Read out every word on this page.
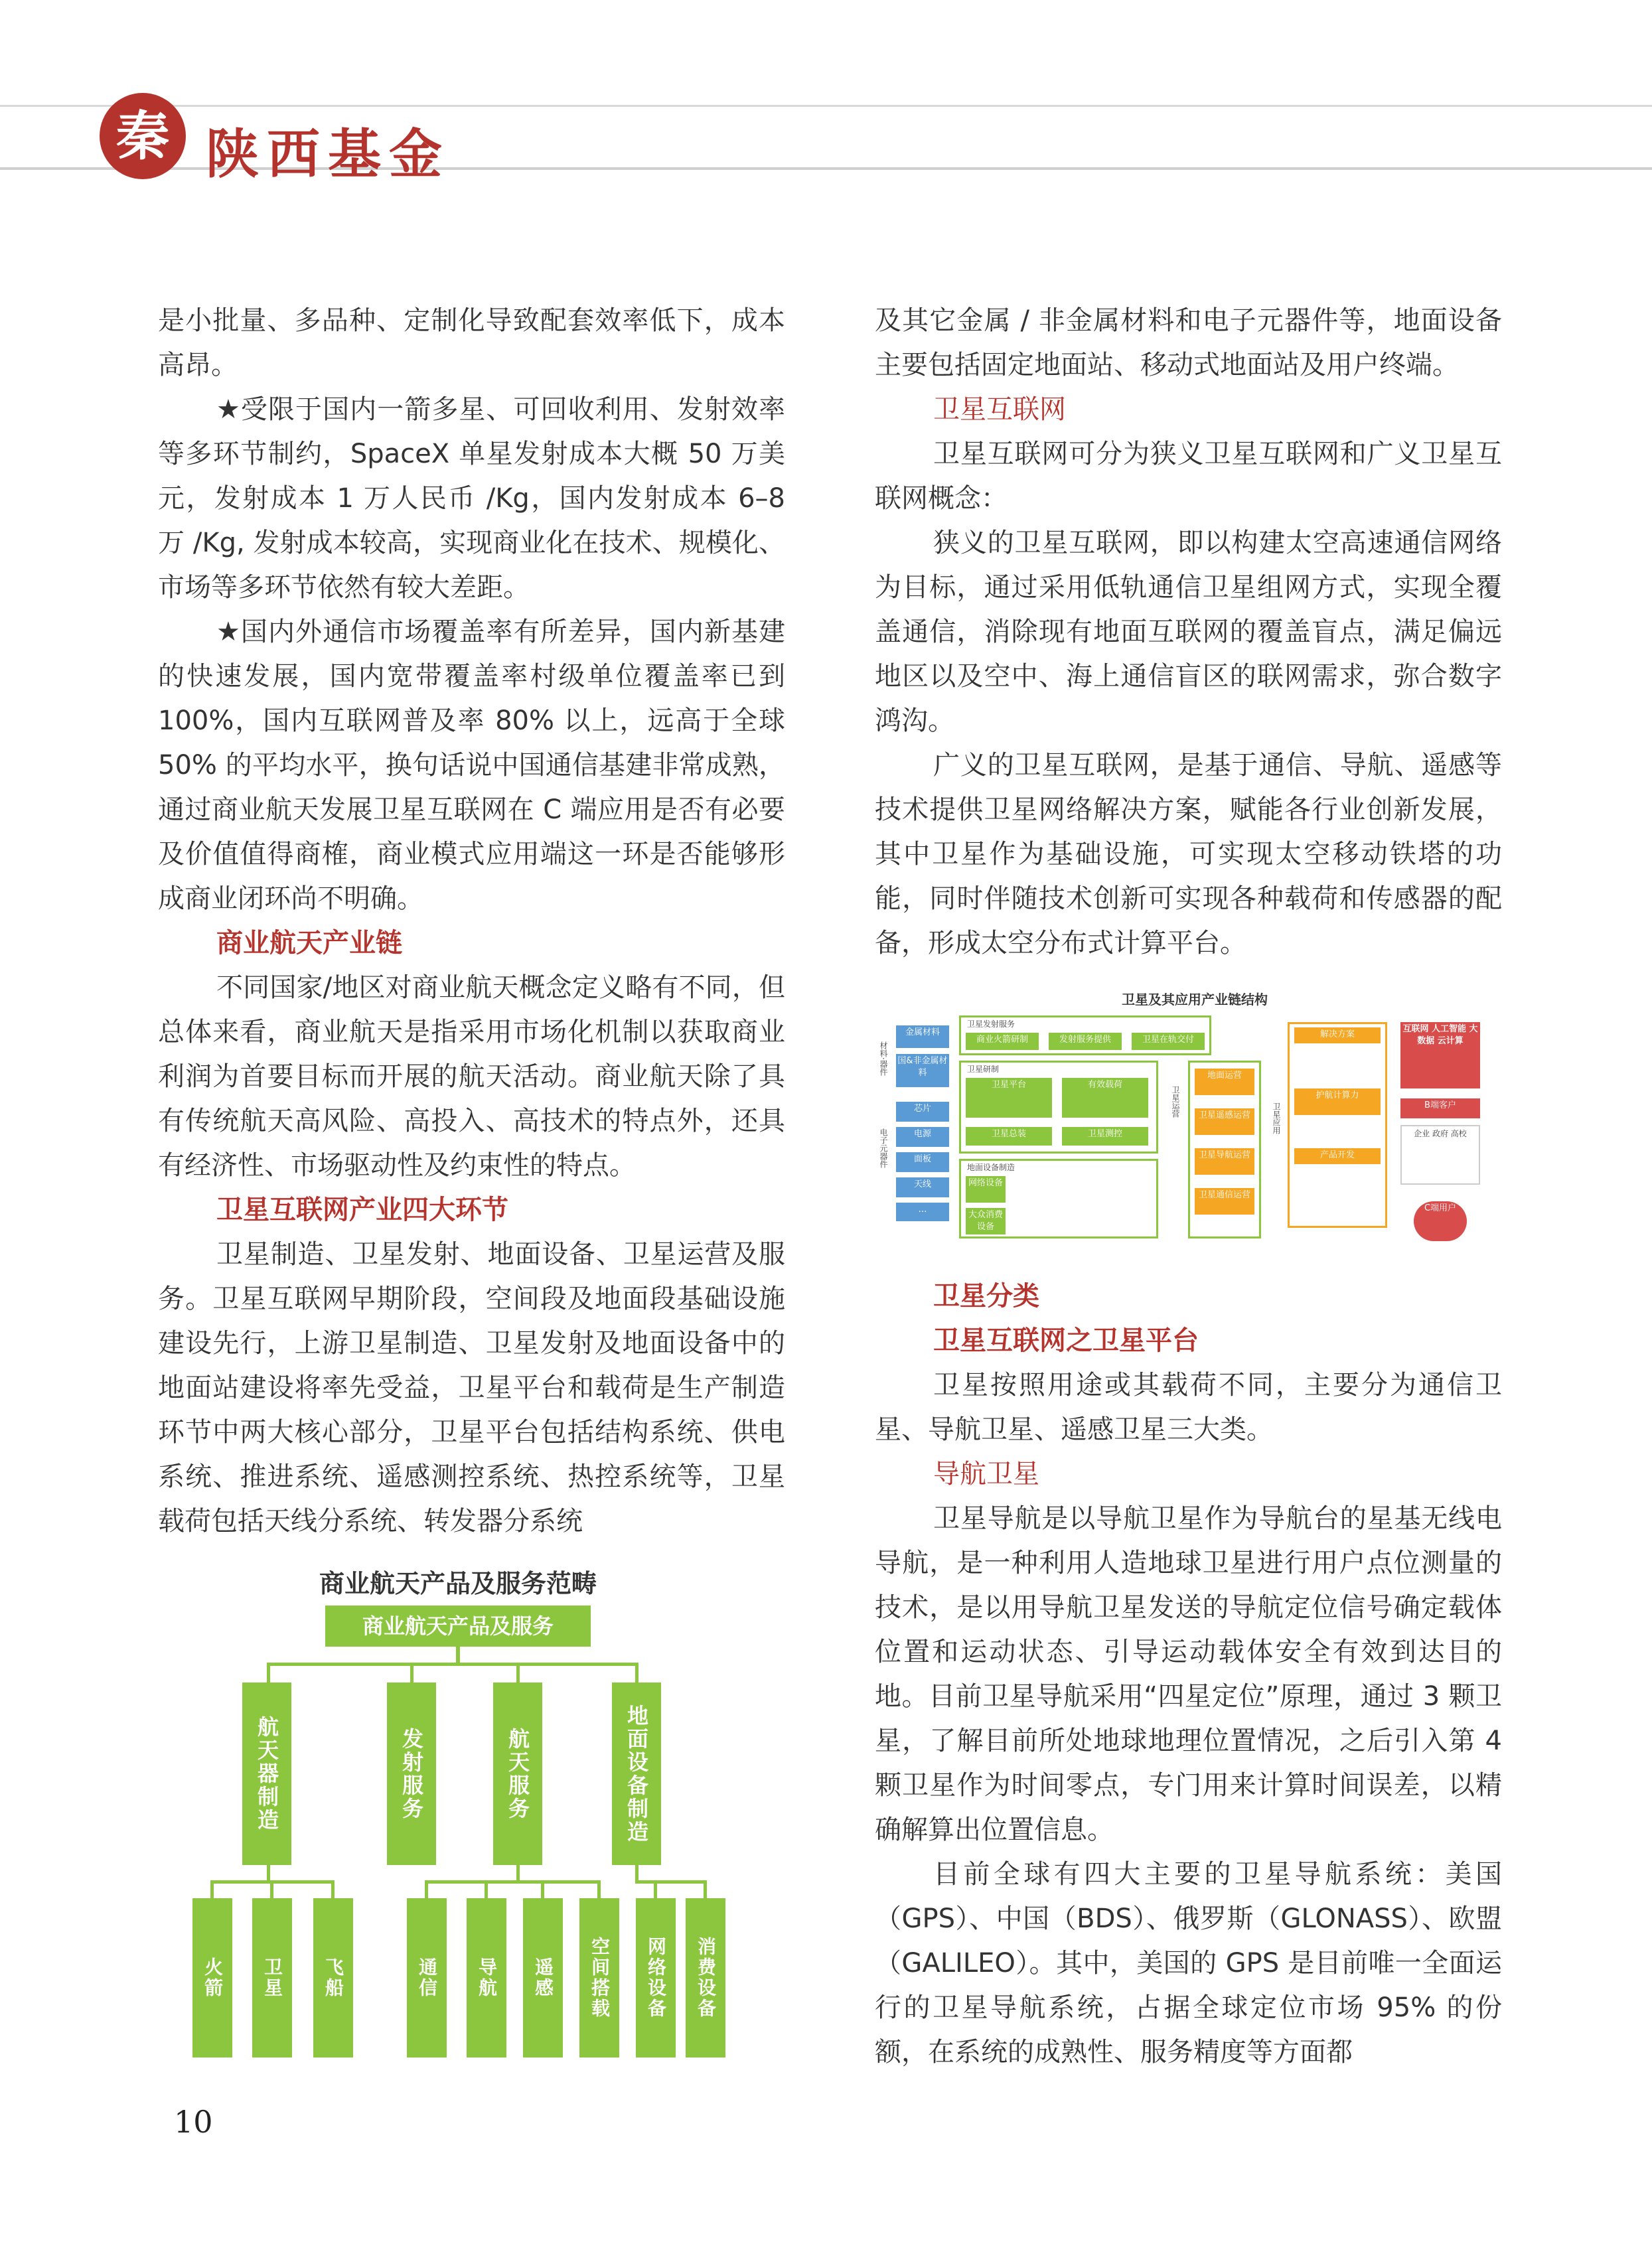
秦 陕西基金

是小批量、多品种、定制化导致配套效率低下，成本高昂。

★受限于国内一箭多星、可回收利用、发射效率等多环节制约，SpaceX 单星发射成本大概 50 万美元，发射成本 1 万人民币 /Kg，国内发射成本 6–8 万 /Kg, 发射成本较高，实现商业化在技术、规模化、市场等多环节依然有较大差距。

★国内外通信市场覆盖率有所差异，国内新基建的快速发展，国内宽带覆盖率村级单位覆盖率已到 100%，国内互联网普及率 80% 以上，远高于全球 50% 的平均水平，换句话说中国通信基建非常成熟，通过商业航天发展卫星互联网在 C 端应用是否有必要及价值值得商榷，商业模式应用端这一环是否能够形成商业闭环尚不明确。

商业航天产业链

不同国家/地区对商业航天概念定义略有不同，但总体来看，商业航天是指采用市场化机制以获取商业利润为首要目标而开展的航天活动。商业航天除了具有传统航天高风险、高投入、高技术的特点外，还具有经济性、市场驱动性及约束性的特点。

卫星互联网产业四大环节

卫星制造、卫星发射、地面设备、卫星运营及服务。卫星互联网早期阶段，空间段及地面段基础设施建设先行，上游卫星制造、卫星发射及地面设备中的地面站建设将率先受益，卫星平台和载荷是生产制造环节中两大核心部分，卫星平台包括结构系统、供电系统、推进系统、遥感测控系统、热控系统等，卫星载荷包括天线分系统、转发器分系统

商业航天产品及服务范畴
商业航天产品及服务
航天器制造	发射服务	航天服务	地面设备制造
火箭	卫星	飞船	通信	导航	遥感	空间搭载	网络设备	消费设备

及其它金属 / 非金属材料和电子元器件等，地面设备主要包括固定地面站、移动式地面站及用户终端。

卫星互联网

卫星互联网可分为狭义卫星互联网和广义卫星互联网概念：

狭义的卫星互联网，即以构建太空高速通信网络为目标，通过采用低轨通信卫星组网方式，实现全覆盖通信，消除现有地面互联网的覆盖盲点，满足偏远地区以及空中、海上通信盲区的联网需求，弥合数字鸿沟。

广义的卫星互联网，是基于通信、导航、遥感等技术提供卫星网络解决方案，赋能各行业创新发展，其中卫星作为基础设施，可实现太空移动铁塔的功能，同时伴随技术创新可实现各种载荷和传感器的配备，形成太空分布式计算平台。

卫星及其应用产业链结构
材料·器件
电子元器件
金属材料
国&非金属材料
芯片
电源
面板
天线
…
卫星发射服务
商业火箭研制	发射服务提供	卫星在轨交付
卫星研制
卫星平台	有效载荷
卫星总装	卫星测控
地面设备制造
网络设备
大众消费设备
卫星运营
地面运营
卫星遥感运营
卫星导航运营
卫星通信运营
卫星应用
解决方案
护航计算力
产品开发
互联网 人工智能 大数据 云计算
B端客户
企业 政府 高校
C端用户

卫星分类

卫星互联网之卫星平台

卫星按照用途或其载荷不同，主要分为通信卫星、导航卫星、遥感卫星三大类。

导航卫星

卫星导航是以导航卫星作为导航台的星基无线电导航，是一种利用人造地球卫星进行用户点位测量的技术，是以用导航卫星发送的导航定位信号确定载体位置和运动状态、引导运动载体安全有效到达目的地。目前卫星导航采用“四星定位”原理，通过 3 颗卫星，了解目前所处地球地理位置情况，之后引入第 4 颗卫星作为时间零点，专门用来计算时间误差，以精确解算出位置信息。

目前全球有四大主要的卫星导航系统：美国（GPS）、中国（BDS）、俄罗斯（GLONASS）、欧盟（GALILEO）。其中，美国的 GPS 是目前唯一全面运行的卫星导航系统，占据全球定位市场 95% 的份额，在系统的成熟性、服务精度等方面都

10
